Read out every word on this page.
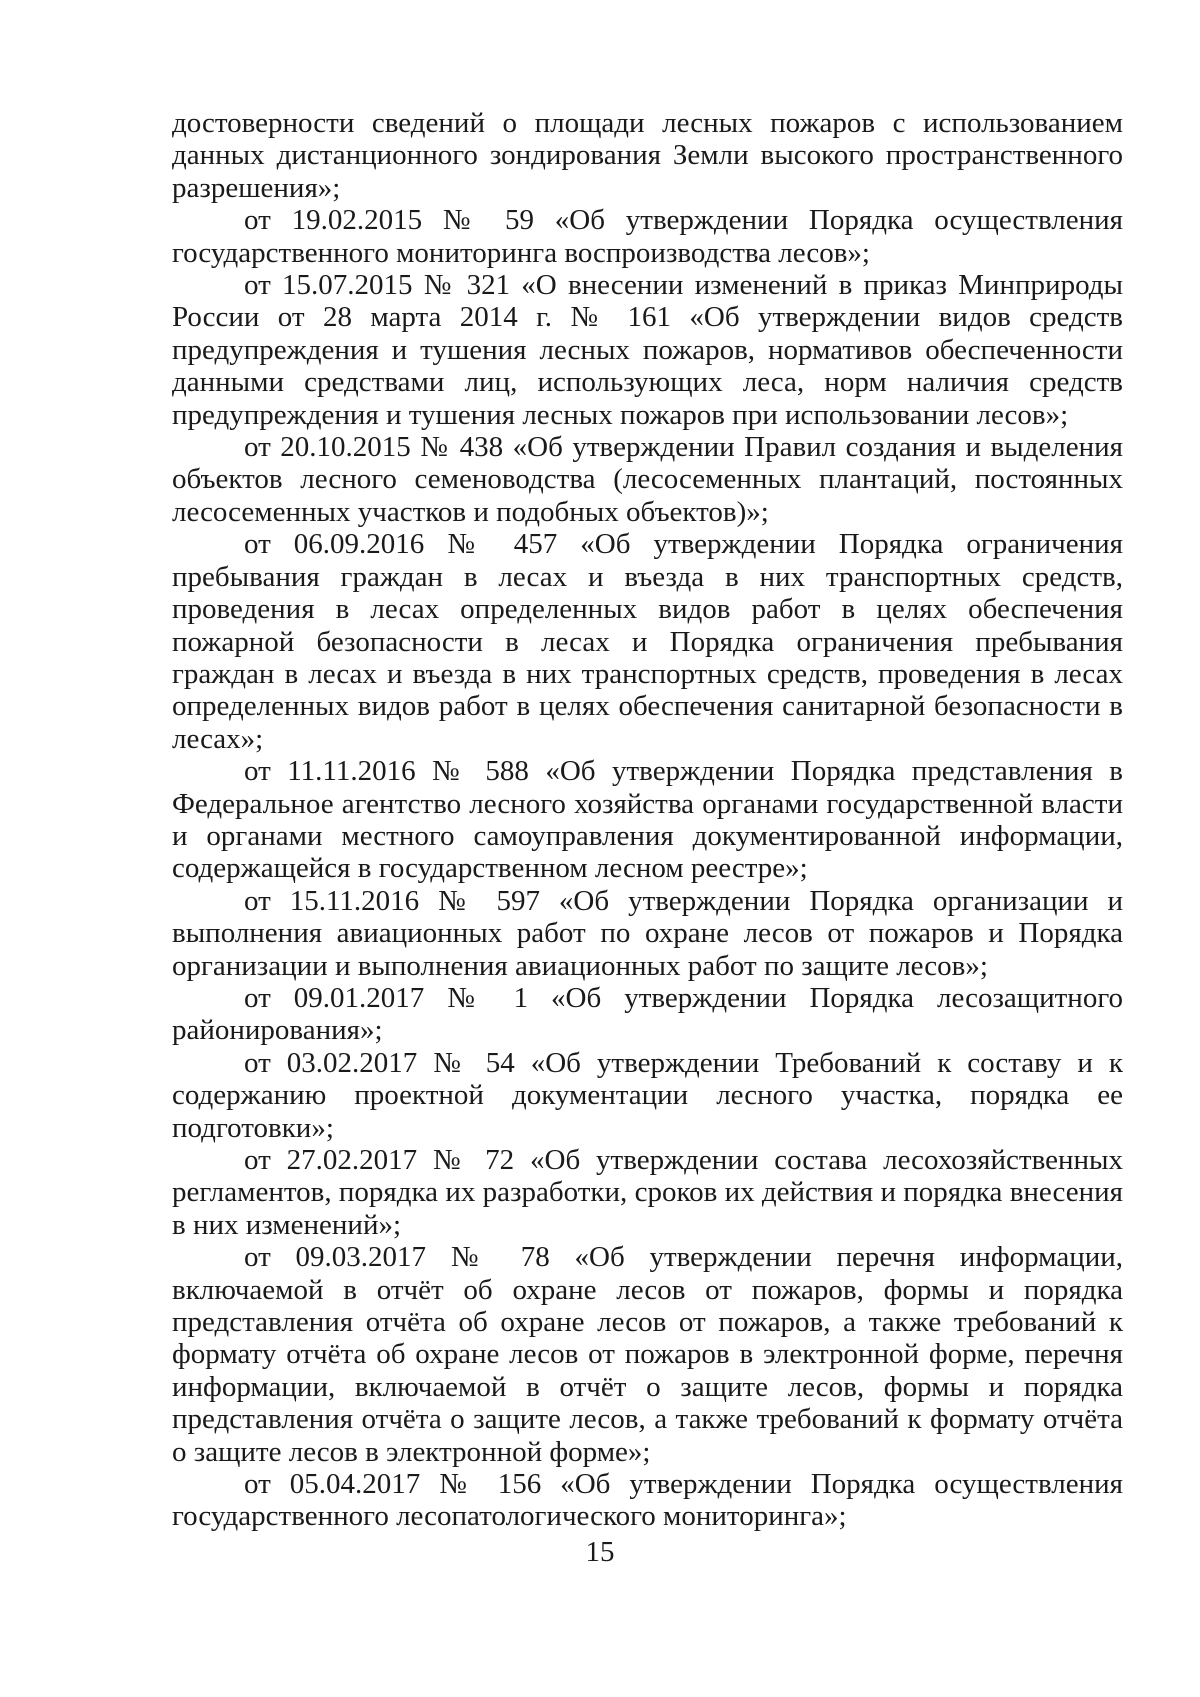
достоверности сведений о площади лесных пожаров с использованием данных дистанционного зондирования Земли высокого пространственного разрешения»;

от 19.02.2015 № 59 «Об утверждении Порядка осуществления государственного мониторинга воспроизводства лесов»;

от 15.07.2015 № 321 «О внесении изменений в приказ Минприроды России от 28 марта 2014 г. № 161 «Об утверждении видов средств предупреждения и тушения лесных пожаров, нормативов обеспеченности данными средствами лиц, использующих леса, норм наличия средств предупреждения и тушения лесных пожаров при использовании лесов»;

от 20.10.2015 № 438 «Об утверждении Правил создания и выделения объектов лесного семеноводства (лесосеменных плантаций, постоянных лесосеменных участков и подобных объектов)»;

от 06.09.2016 № 457 «Об утверждении Порядка ограничения пребывания граждан в лесах и въезда в них транспортных средств, проведения в лесах определенных видов работ в целях обеспечения пожарной безопасности в лесах и Порядка ограничения пребывания граждан в лесах и въезда в них транспортных средств, проведения в лесах определенных видов работ в целях обеспечения санитарной безопасности в лесах»;

от 11.11.2016 № 588 «Об утверждении Порядка представления в Федеральное агентство лесного хозяйства органами государственной власти и органами местного самоуправления документированной информации, содержащейся в государственном лесном реестре»;

от 15.11.2016 № 597 «Об утверждении Порядка организации и выполнения авиационных работ по охране лесов от пожаров и Порядка организации и выполнения авиационных работ по защите лесов»;

от 09.01.2017 № 1 «Об утверждении Порядка лесозащитного районирования»;

от 03.02.2017 № 54 «Об утверждении Требований к составу и к содержанию проектной документации лесного участка, порядка ее подготовки»;

от 27.02.2017 № 72 «Об утверждении состава лесохозяйственных регламентов, порядка их разработки, сроков их действия и порядка внесения в них изменений»;

от 09.03.2017 № 78 «Об утверждении перечня информации, включаемой в отчёт об охране лесов от пожаров, формы и порядка представления отчёта об охране лесов от пожаров, а также требований к формату отчёта об охране лесов от пожаров в электронной форме, перечня информации, включаемой в отчёт о защите лесов, формы и порядка представления отчёта о защите лесов, а также требований к формату отчёта о защите лесов в электронной форме»;

от 05.04.2017 № 156 «Об утверждении Порядка осуществления государственного лесопатологического мониторинга»;

15
